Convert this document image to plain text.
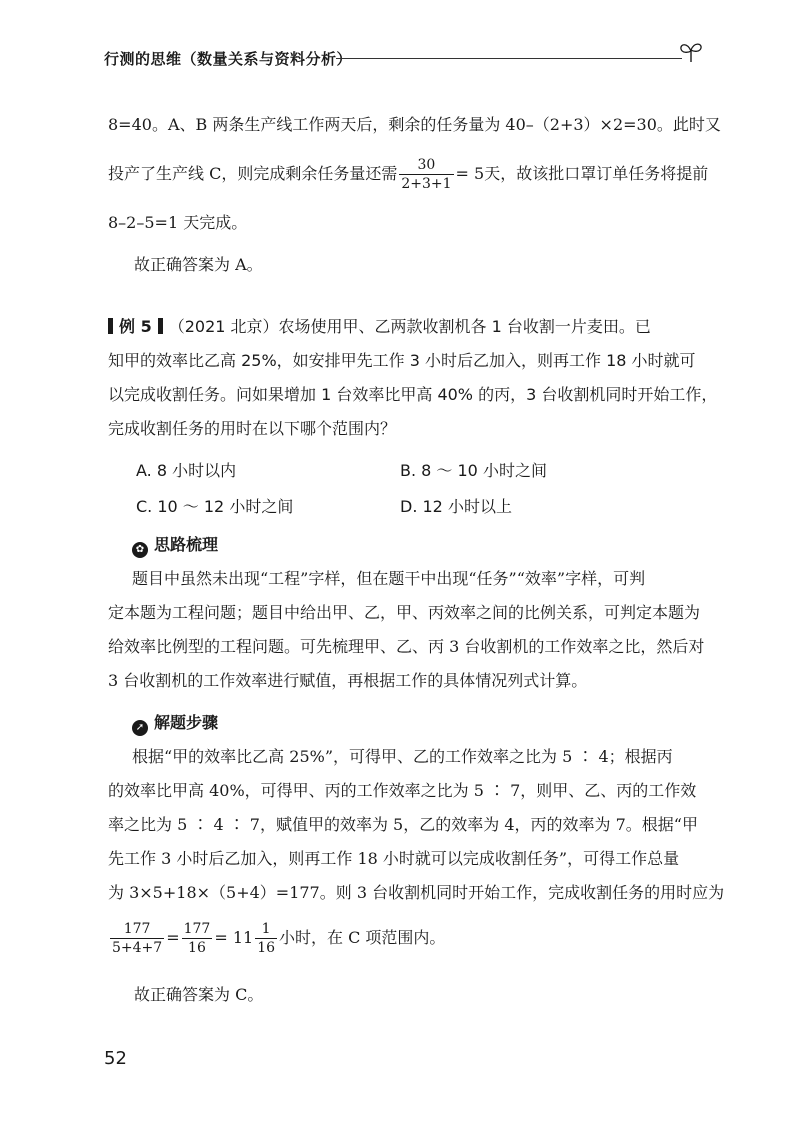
行测的思维（数量关系与资料分析）
8=40。A、B 两条生产线工作两天后，剩余的任务量为 40–（2+3）×2=30。此时又
投产了生产线 C，则完成剩余任务量还需 $\frac{30}{2+3+1} = 5$天，故该批口罩订单任务将提前
8–2–5=1 天完成。
故正确答案为 A。
例 5 （2021 北京）农场使用甲、乙两款收割机各 1 台收割一片麦田。已
知甲的效率比乙高 25%，如安排甲先工作 3 小时后乙加入，则再工作 18 小时就可
以完成收割任务。问如果增加 1 台效率比甲高 40% 的丙，3 台收割机同时开始工作，
完成收割任务的用时在以下哪个范围内？
A. 8 小时以内	B. 8 ～ 10 小时之间
C. 10 ～ 12 小时之间	D. 12 小时以上
✿ 思路梳理
题目中虽然未出现“工程”字样，但在题干中出现“任务”“效率”字样，可判
定本题为工程问题；题目中给出甲、乙，甲、丙效率之间的比例关系，可判定本题为
给效率比例型的工程问题。可先梳理甲、乙、丙 3 台收割机的工作效率之比，然后对
3 台收割机的工作效率进行赋值，再根据工作的具体情况列式计算。
➚ 解题步骤
根据“甲的效率比乙高 25%”，可得甲、乙的工作效率之比为 5 ∶ 4；根据丙
的效率比甲高 40%，可得甲、丙的工作效率之比为 5 ∶ 7，则甲、乙、丙的工作效
率之比为 5 ∶ 4 ∶ 7，赋值甲的效率为 5，乙的效率为 4，丙的效率为 7。根据“甲
先工作 3 小时后乙加入，则再工作 18 小时就可以完成收割任务”，可得工作总量
为 3×5+18×（5+4）=177。则 3 台收割机同时开始工作，完成收割任务的用时应为
$\frac{177}{5+4+7} = \frac{177}{16} = 11 \frac{1}{16}$ 小时，在 C 项范围内。
故正确答案为 C。
52
